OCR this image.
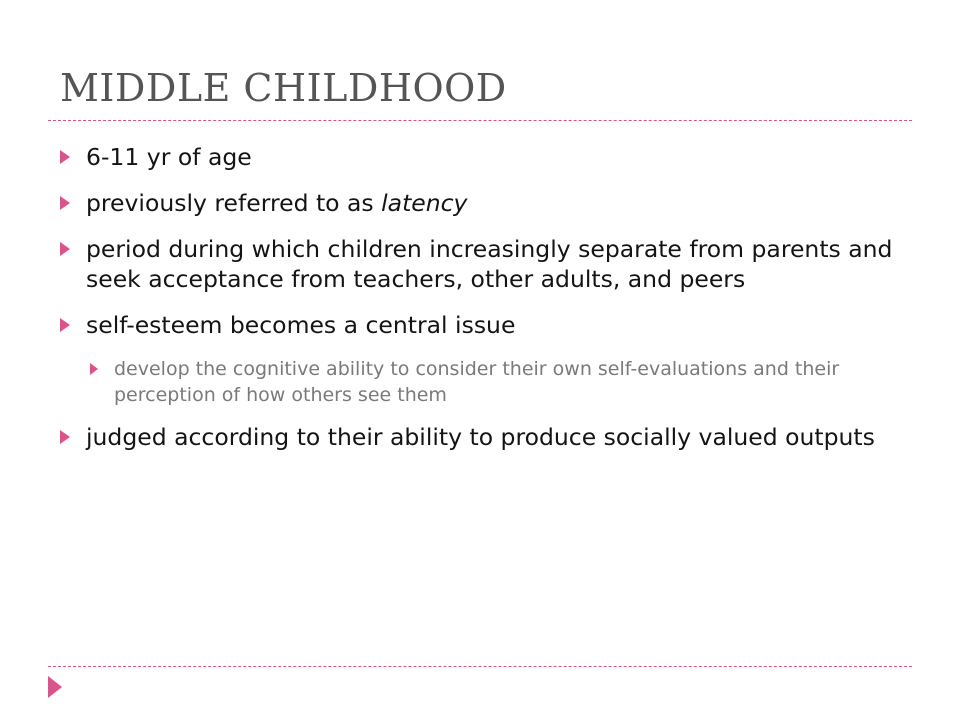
MIDDLE CHILDHOOD
6-11 yr of age
previously referred to as latency
period during which children increasingly separate from parents and seek acceptance from teachers, other adults, and peers
self-esteem becomes a central issue
develop the cognitive ability to consider their own self-evaluations and their perception of how others see them
judged according to their ability to produce socially valued outputs
